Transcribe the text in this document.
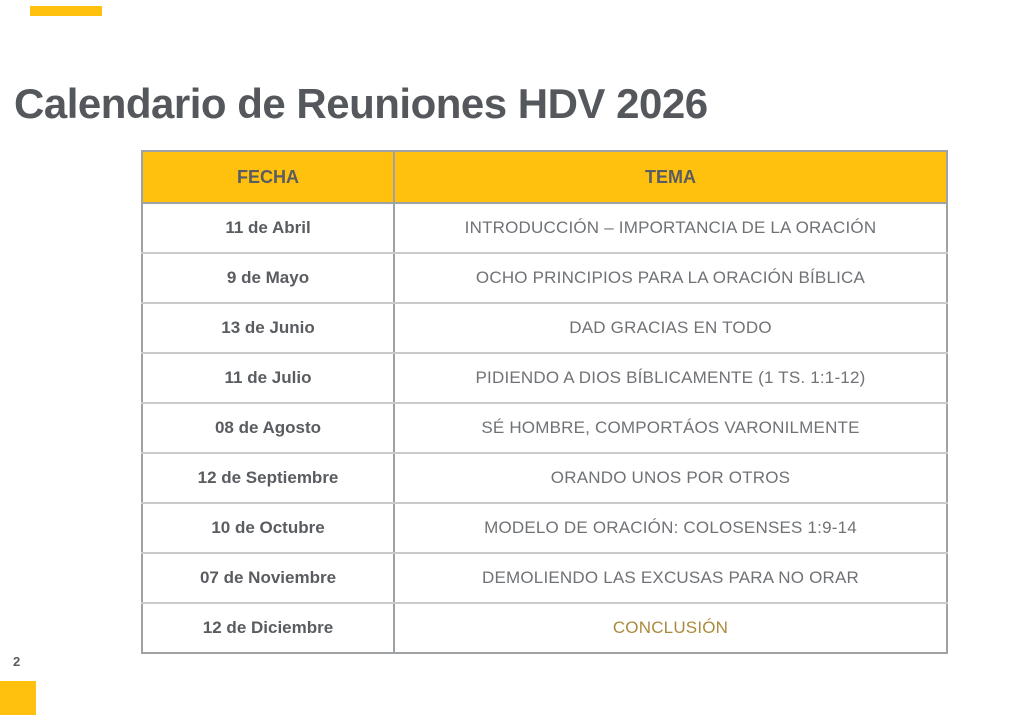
Calendario de Reuniones HDV 2026
FECHA	TEMA
11 de Abril	INTRODUCCIÓN – IMPORTANCIA DE LA ORACIÓN
9 de Mayo	OCHO PRINCIPIOS PARA LA ORACIÓN BÍBLICA
13 de Junio	DAD GRACIAS EN TODO
11 de Julio	PIDIENDO A DIOS BÍBLICAMENTE (1 TS. 1:1-12)
08 de Agosto	SÉ HOMBRE, COMPORTÁOS VARONILMENTE
12 de Septiembre	ORANDO UNOS POR OTROS
10 de Octubre	MODELO DE ORACIÓN: COLOSENSES 1:9-14
07 de Noviembre	DEMOLIENDO LAS EXCUSAS PARA NO ORAR
12 de Diciembre	CONCLUSIÓN
2
